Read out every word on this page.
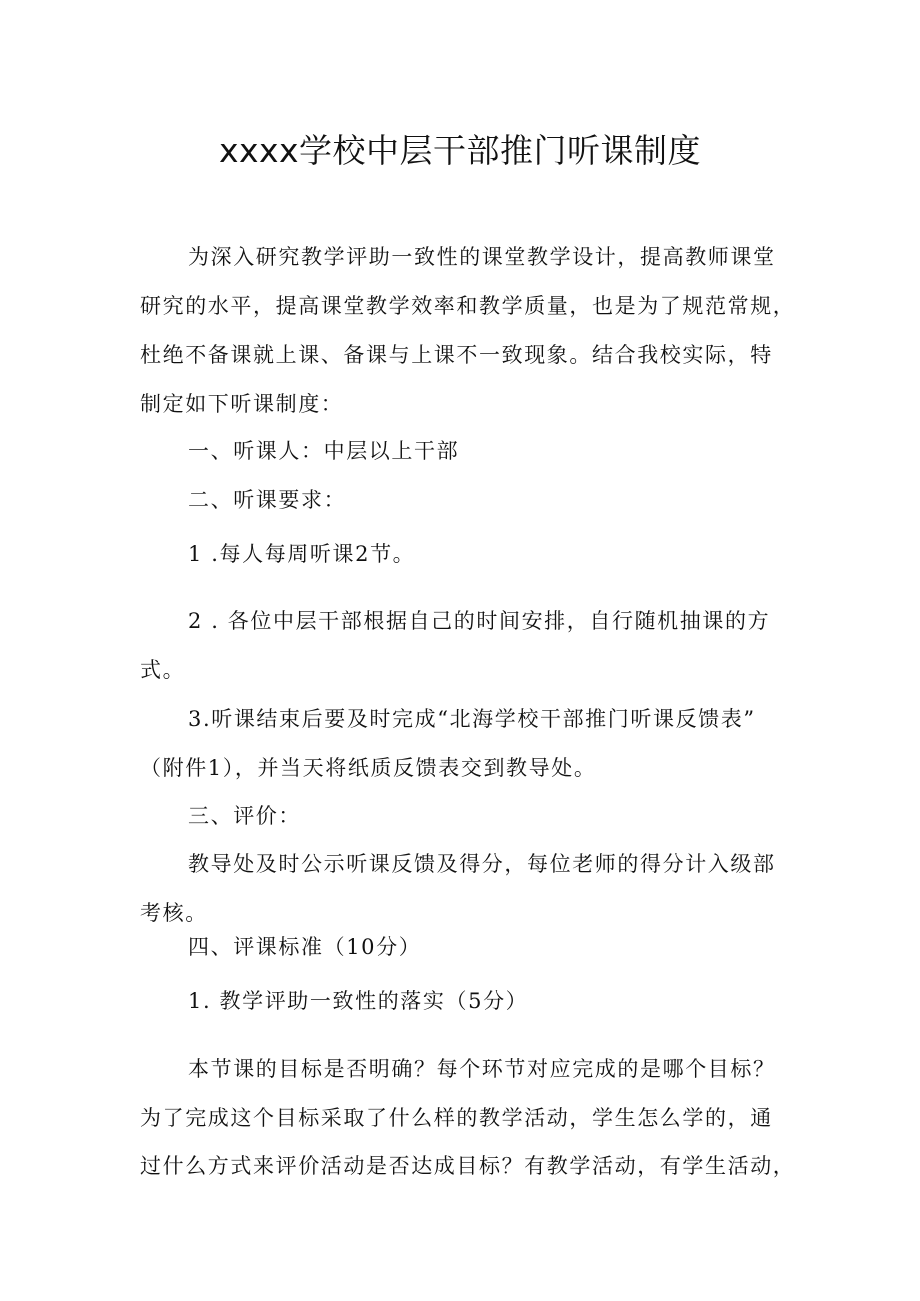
xxxx学校中层干部推门听课制度
为深入研究教学评助一致性的课堂教学设计，提高教师课堂
研究的水平，提高课堂教学效率和教学质量，也是为了规范常规，
杜绝不备课就上课、备课与上课不一致现象。结合我校实际，特
制定如下听课制度：
一、听课人：中层以上干部
二、听课要求：
1 .每人每周听课2节。
2 . 各位中层干部根据自己的时间安排，自行随机抽课的方
式。
3.听课结束后要及时完成“北海学校干部推门听课反馈表”
（附件1），并当天将纸质反馈表交到教导处。
三、评价：
教导处及时公示听课反馈及得分，每位老师的得分计入级部
考核。
四、评课标准（10分）
1. 教学评助一致性的落实（5分）
本节课的目标是否明确？每个环节对应完成的是哪个目标？
为了完成这个目标采取了什么样的教学活动，学生怎么学的，通
过什么方式来评价活动是否达成目标？有教学活动，有学生活动，
